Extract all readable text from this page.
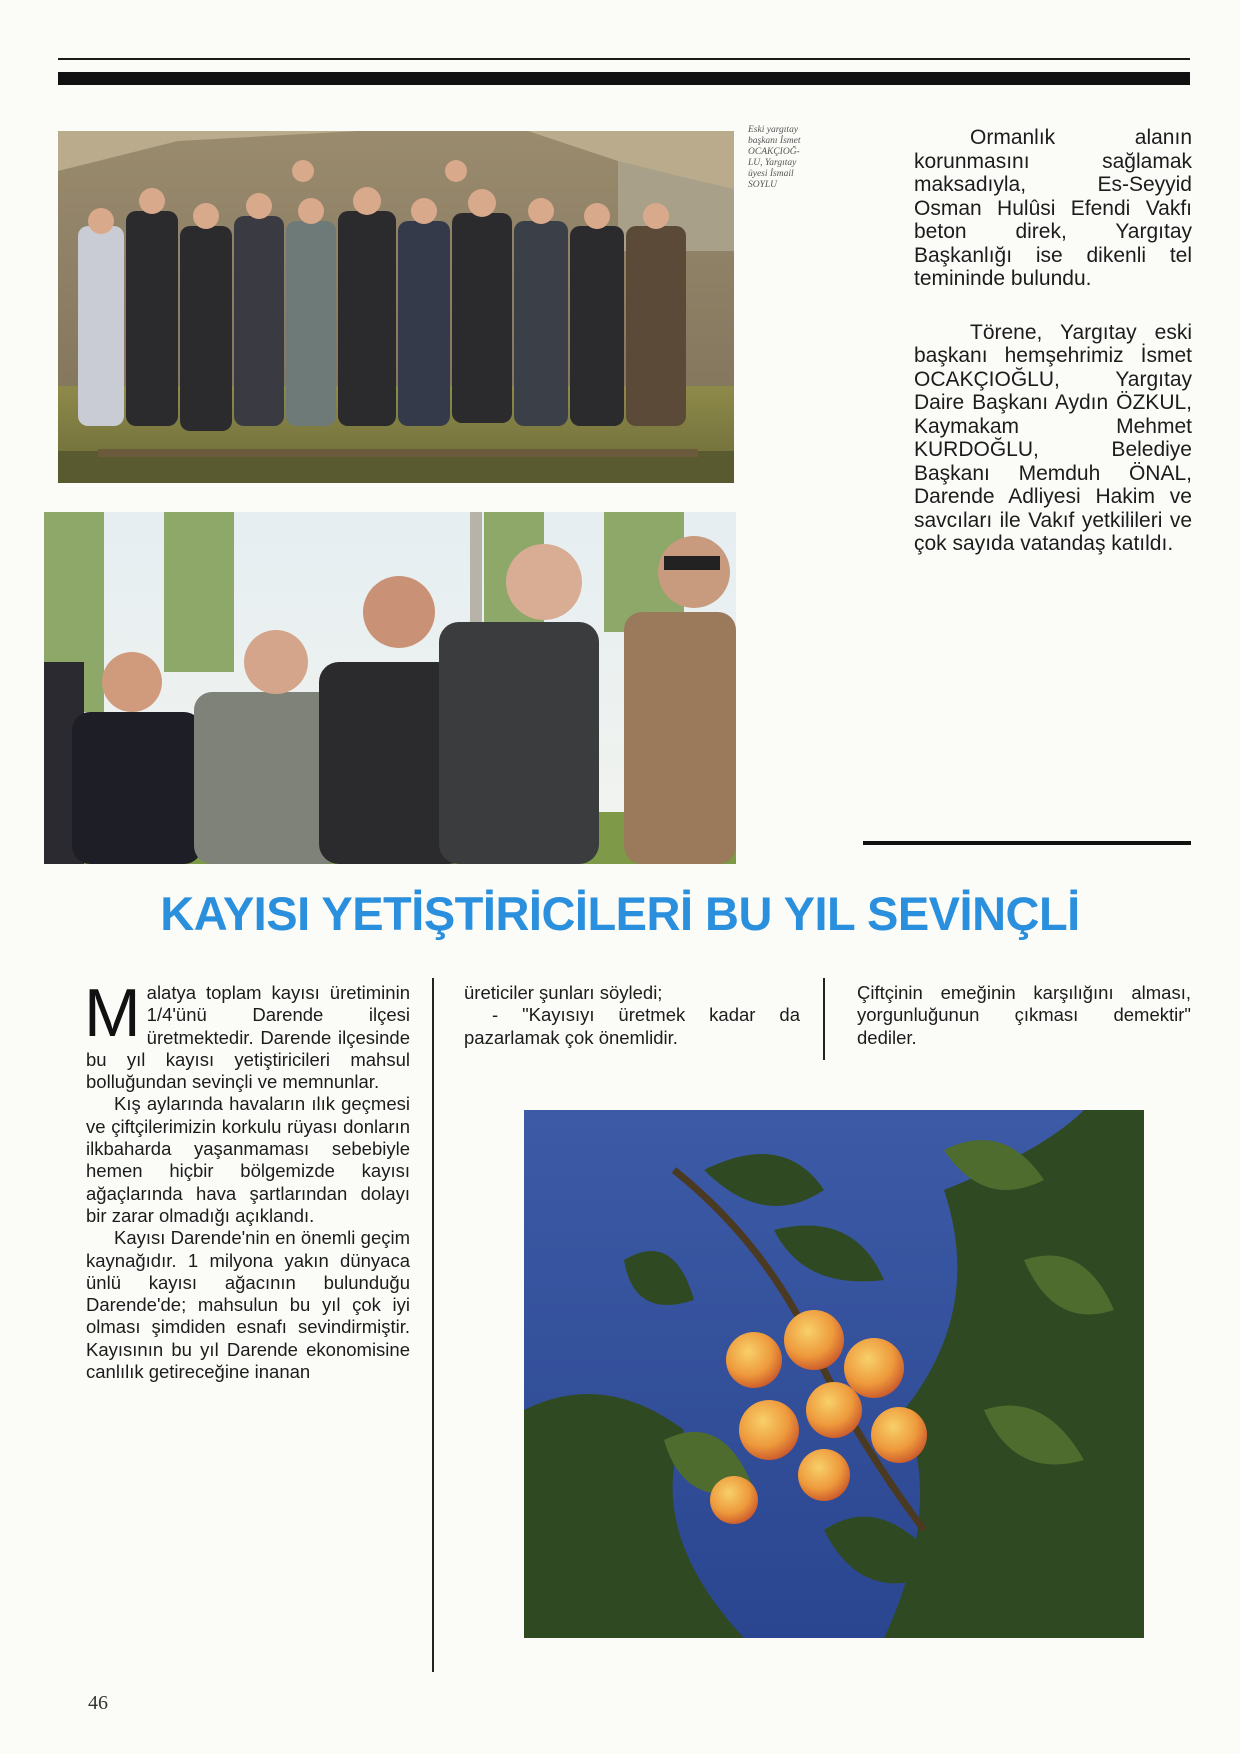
Eski yargıtay
başkanı İsmet
OCAKÇIOĞ-
LU, Yargıtay
üyesi İsmail
SOYLU

Ormanlık alanın korunmasını sağlamak maksadıyla, Es-Seyyid Osman Hulûsi Efendi Vakfı beton direk, Yargıtay Başkanlığı ise dikenli tel temininde bulundu.

Törene, Yargıtay eski başkanı hemşehrimiz İsmet OCAKÇIOĞLU, Yargıtay Daire Başkanı Aydın ÖZKUL, Kaymakam Mehmet KURDOĞLU, Belediye Başkanı Memduh ÖNAL, Darende Adliyesi Hakim ve savcıları ile Vakıf yetkilileri ve çok sayıda vatandaş katıldı.

KAYISI YETİŞTİRİCİLERİ BU YIL SEVİNÇLİ

Malatya toplam kayısı üretiminin 1/4'ünü Darende ilçesi üretmektedir. Darende ilçesinde bu yıl kayısı yetiştiricileri mahsul bolluğundan sevinçli ve memnunlar.

Kış aylarında havaların ılık geçmesi ve çiftçilerimizin korkulu rüyası donların ilkbaharda yaşanmaması sebebiyle hemen hiçbir bölgemizde kayısı ağaçlarında hava şartlarından dolayı bir zarar olmadığı açıklandı.

Kayısı Darende'nin en önemli geçim kaynağıdır. 1 milyona yakın dünyaca ünlü kayısı ağacının bulunduğu Darende'de; mahsulun bu yıl çok iyi olması şimdiden esnafı sevindirmiştir. Kayısının bu yıl Darende ekonomisine canlılık getireceğine inanan

üreticiler şunları söyledi;

- "Kayısıyı üretmek kadar da pazarlamak çok önemlidir.

Çiftçinin emeğinin karşılığını alması, yorgunluğunun çıkması demektir" dediler.

46
